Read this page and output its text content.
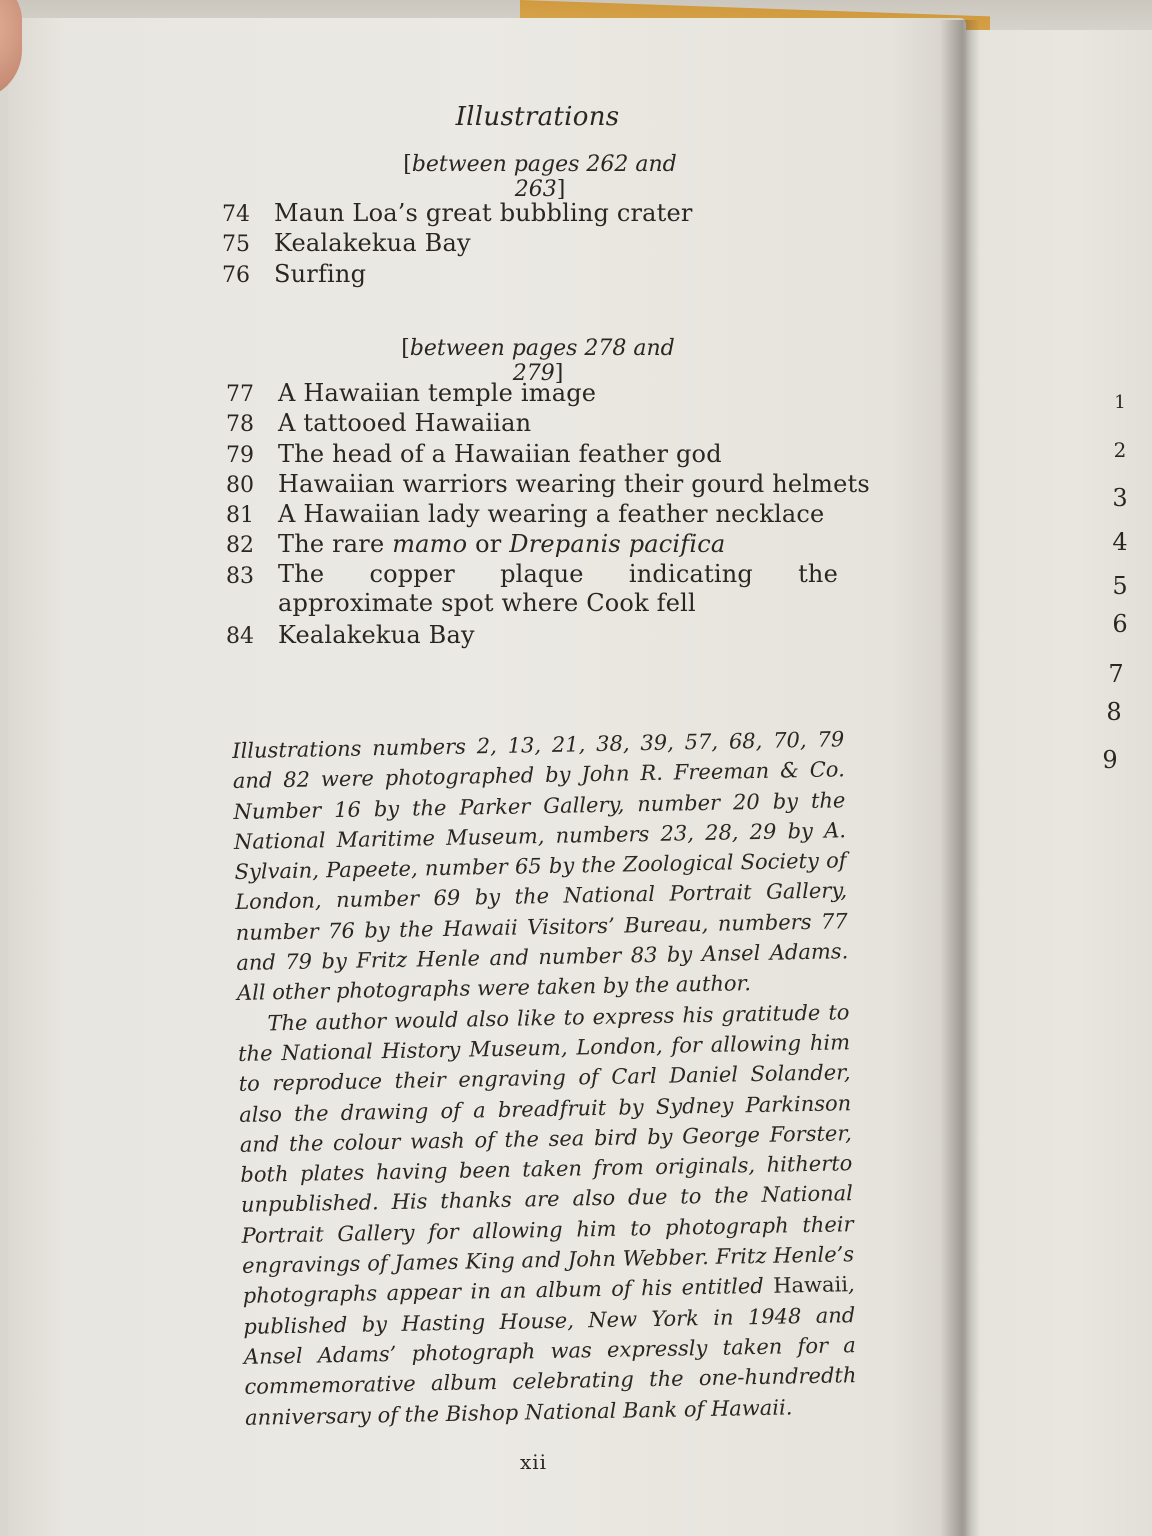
Illustrations
[between pages 262 and 263]
74 Maun Loa’s great bubbling crater
75 Kealakekua Bay
76 Surfing
[between pages 278 and 279]
77 A Hawaiian temple image
78 A tattooed Hawaiian
79 The head of a Hawaiian feather god
80 Hawaiian warriors wearing their gourd helmets
81 A Hawaiian lady wearing a feather necklace
82 The rare mamo or Drepanis pacifica
83 The copper plaque indicating the approximate spot where Cook fell
84 Kealakekua Bay

Illustrations numbers 2, 13, 21, 38, 39, 57, 68, 70, 79 and 82 were photographed by John R. Freeman & Co. Number 16 by the Parker Gallery, number 20 by the National Maritime Museum, numbers 23, 28, 29 by A. Sylvain, Papeete, number 65 by the Zoological Society of London, number 69 by the National Portrait Gallery, number 76 by the Hawaii Visitors’ Bureau, numbers 77 and 79 by Fritz Henle and number 83 by Ansel Adams. All other photographs were taken by the author.

The author would also like to express his gratitude to the National History Museum, London, for allowing him to reproduce their engraving of Carl Daniel Solander, also the drawing of a breadfruit by Sydney Parkinson and the colour wash of the sea bird by George Forster, both plates having been taken from originals, hitherto unpublished. His thanks are also due to the National Portrait Gallery for allowing him to photograph their engravings of James King and John Webber. Fritz Henle’s photographs appear in an album of his entitled Hawaii, published by Hasting House, New York in 1948 and Ansel Adams’ photograph was expressly taken for a commemorative album celebrating the one-hundredth anniversary of the Bishop National Bank of Hawaii.

xii
1
2
3
4
5
6
7
8
9
